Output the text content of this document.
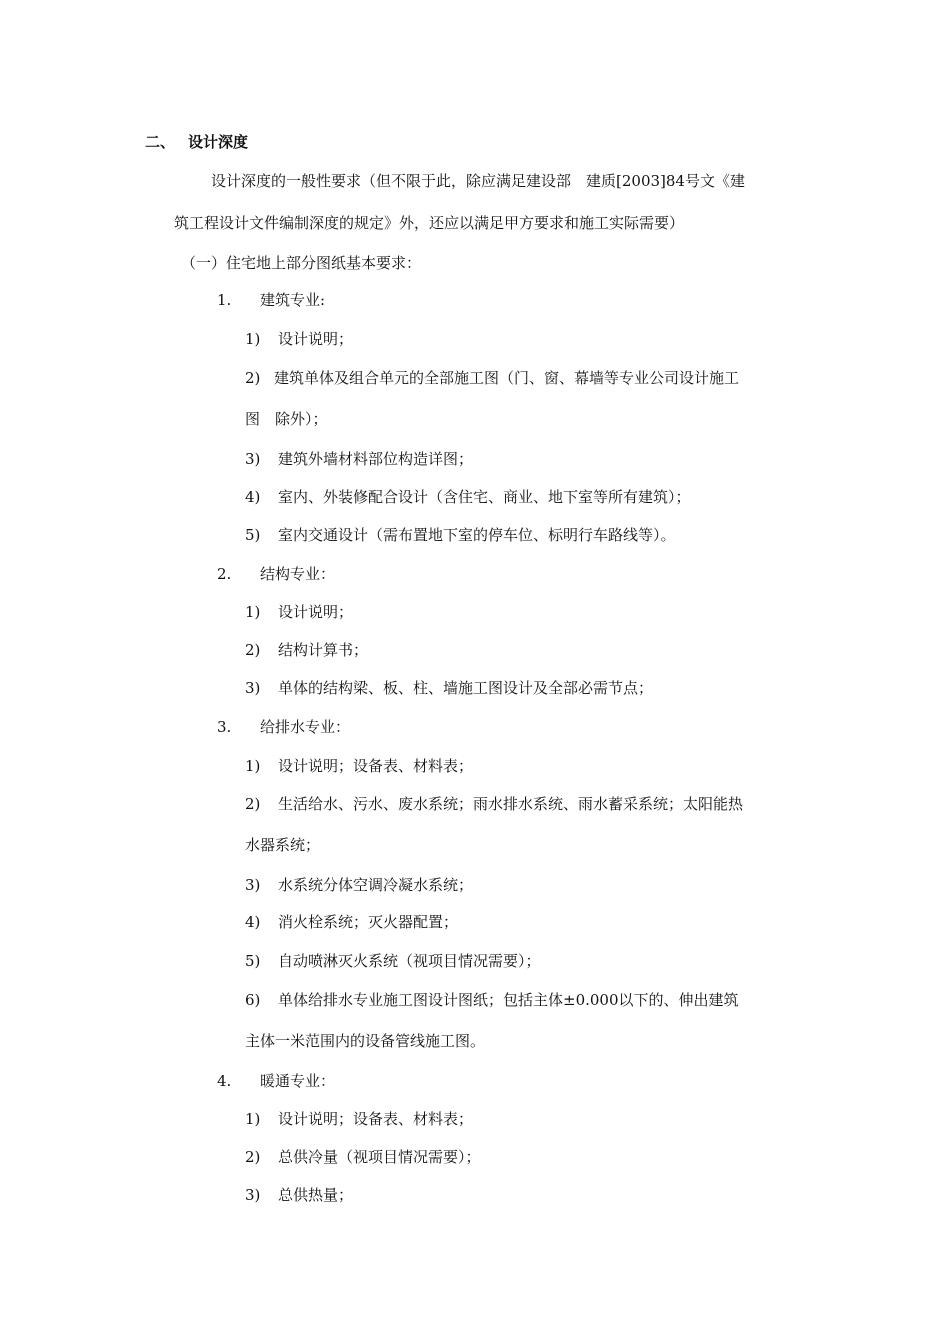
二、 设计深度
设计深度的一般性要求（但不限于此，除应满足建设部　建质[2003]84号文《建
筑工程设计文件编制深度的规定》外，还应以满足甲方要求和施工实际需要）
（一）住宅地上部分图纸基本要求：
1. 建筑专业:
1) 设计说明；
2) 建筑单体及组合单元的全部施工图（门、窗、幕墙等专业公司设计施工
图　除外）；
3) 建筑外墙材料部位构造详图；
4) 室内、外装修配合设计（含住宅、商业、地下室等所有建筑）；
5) 室内交通设计（需布置地下室的停车位、标明行车路线等）。
2. 结构专业：
1) 设计说明；
2) 结构计算书；
3) 单体的结构梁、板、柱、墙施工图设计及全部必需节点；
3. 给排水专业：
1) 设计说明；设备表、材料表；
2) 生活给水、污水、废水系统；雨水排水系统、雨水蓄采系统；太阳能热
水器系统；
3) 水系统分体空调冷凝水系统；
4) 消火栓系统；灭火器配置；
5) 自动喷淋灭火系统（视项目情况需要）；
6) 单体给排水专业施工图设计图纸；包括主体±0.000以下的、伸出建筑
主体一米范围内的设备管线施工图。
4. 暖通专业：
1) 设计说明；设备表、材料表；
2) 总供冷量（视项目情况需要）；
3) 总供热量；
